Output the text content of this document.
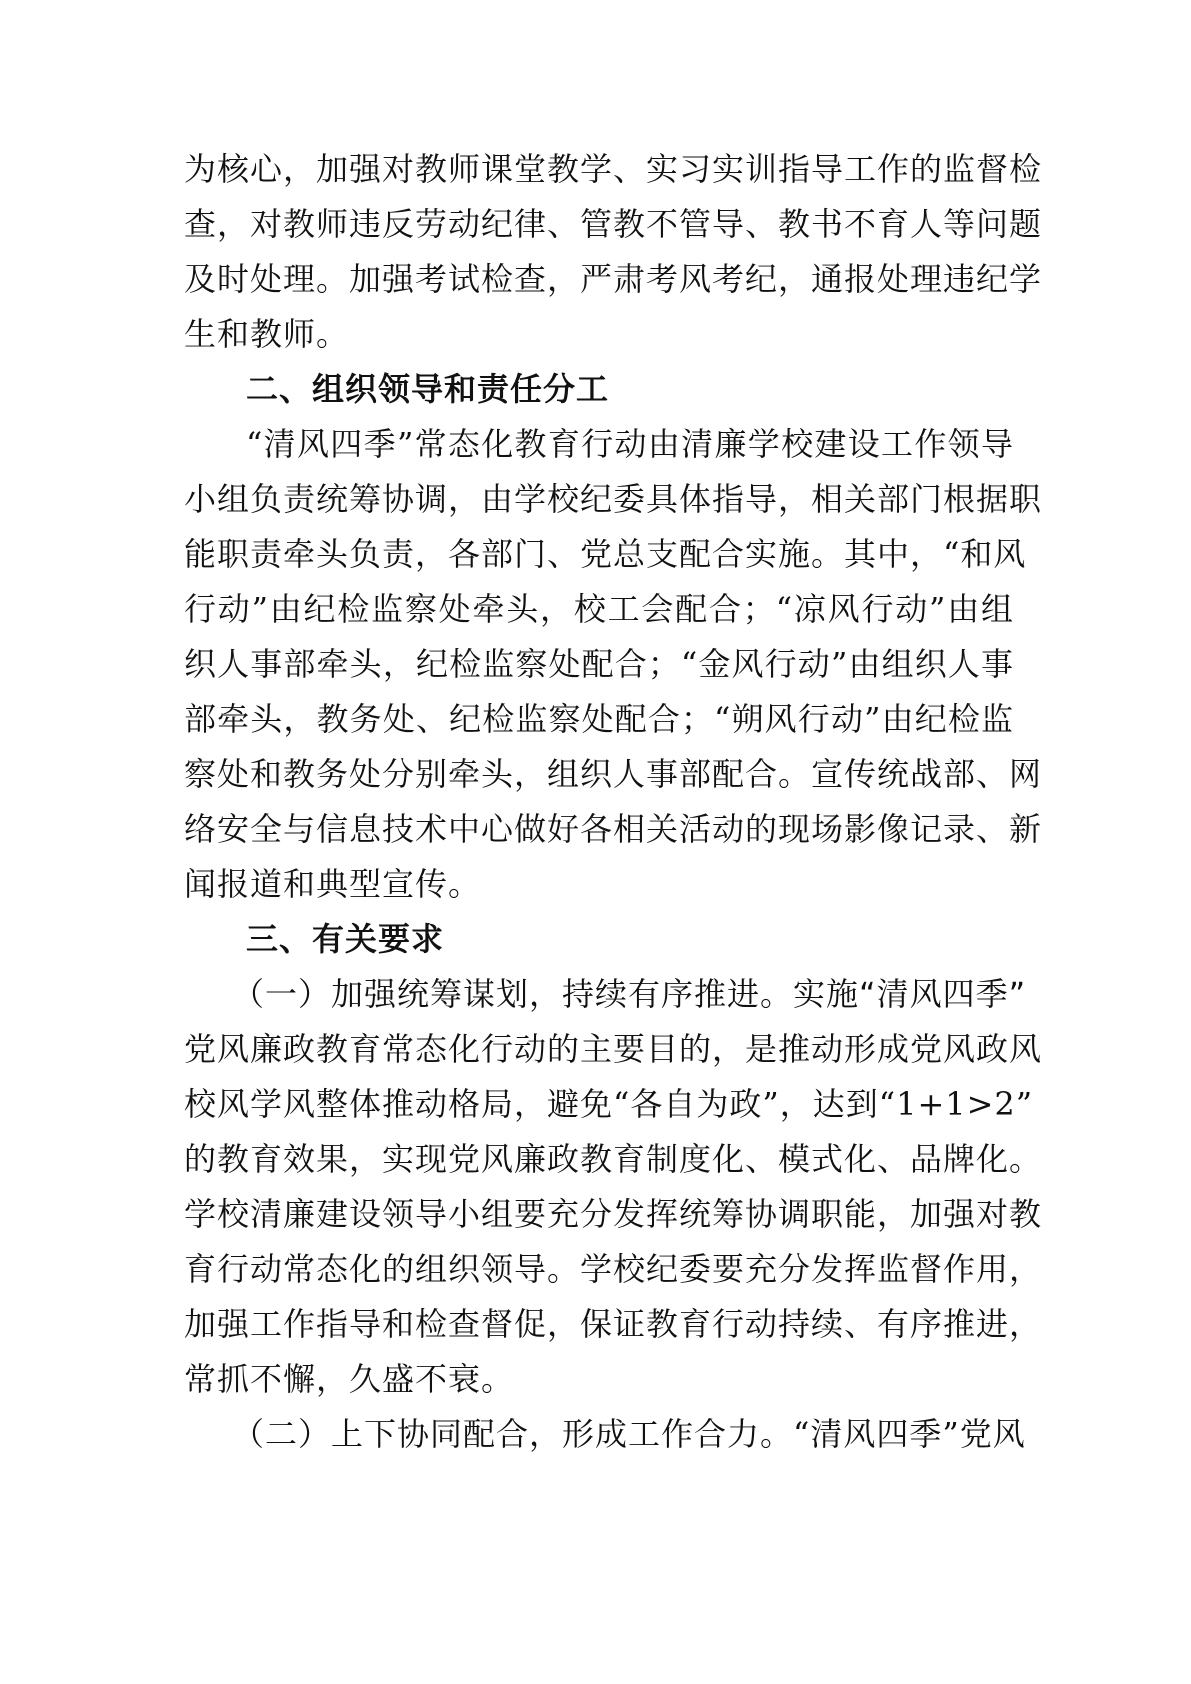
为核心，加强对教师课堂教学、实习实训指导工作的监督检
查，对教师违反劳动纪律、管教不管导、教书不育人等问题
及时处理。加强考试检查，严肃考风考纪，通报处理违纪学
生和教师。
二、组织领导和责任分工
“清风四季”常态化教育行动由清廉学校建设工作领导
小组负责统筹协调，由学校纪委具体指导，相关部门根据职
能职责牵头负责，各部门、党总支配合实施。其中，“和风
行动”由纪检监察处牵头，校工会配合；“凉风行动”由组
织人事部牵头，纪检监察处配合；“金风行动”由组织人事
部牵头，教务处、纪检监察处配合；“朔风行动”由纪检监
察处和教务处分别牵头，组织人事部配合。宣传统战部、网
络安全与信息技术中心做好各相关活动的现场影像记录、新
闻报道和典型宣传。
三、有关要求
（一）加强统筹谋划，持续有序推进。实施“清风四季”
党风廉政教育常态化行动的主要目的，是推动形成党风政风
校风学风整体推动格局，避免“各自为政”，达到“1+1>2”
的教育效果，实现党风廉政教育制度化、模式化、品牌化。
学校清廉建设领导小组要充分发挥统筹协调职能，加强对教
育行动常态化的组织领导。学校纪委要充分发挥监督作用，
加强工作指导和检查督促，保证教育行动持续、有序推进，
常抓不懈，久盛不衰。
（二）上下协同配合，形成工作合力。“清风四季”党风
